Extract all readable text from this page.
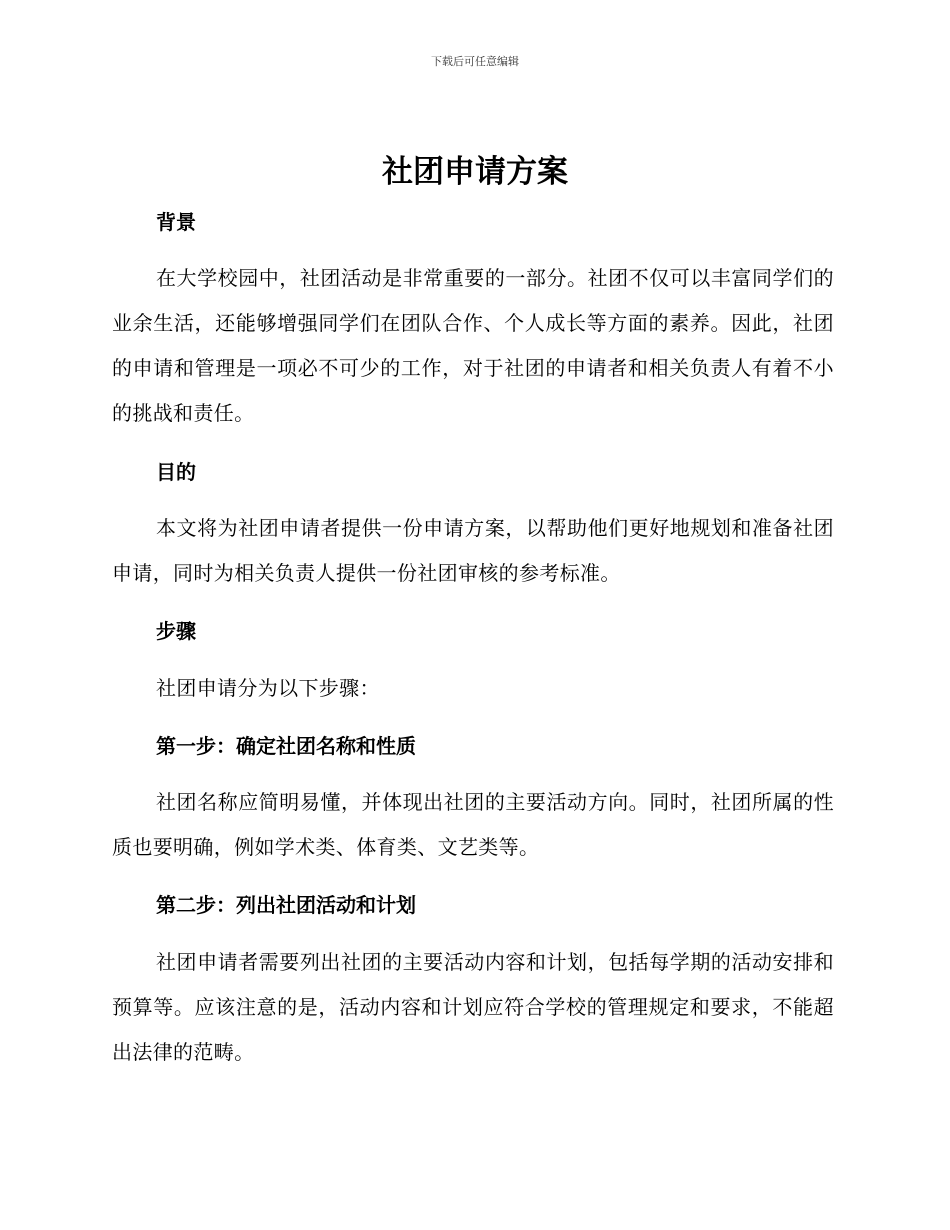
下载后可任意编辑
社团申请方案
背景

在大学校园中，社团活动是非常重要的一部分。社团不仅可以丰富同学们的业余生活，还能够增强同学们在团队合作、个人成长等方面的素养。因此，社团的申请和管理是一项必不可少的工作，对于社团的申请者和相关负责人有着不小的挑战和责任。

目的

本文将为社团申请者提供一份申请方案，以帮助他们更好地规划和准备社团申请，同时为相关负责人提供一份社团审核的参考标准。

步骤

社团申请分为以下步骤：

第一步：确定社团名称和性质

社团名称应简明易懂，并体现出社团的主要活动方向。同时，社团所属的性质也要明确，例如学术类、体育类、文艺类等。

第二步：列出社团活动和计划

社团申请者需要列出社团的主要活动内容和计划，包括每学期的活动安排和预算等。应该注意的是，活动内容和计划应符合学校的管理规定和要求，不能超出法律的范畴。
